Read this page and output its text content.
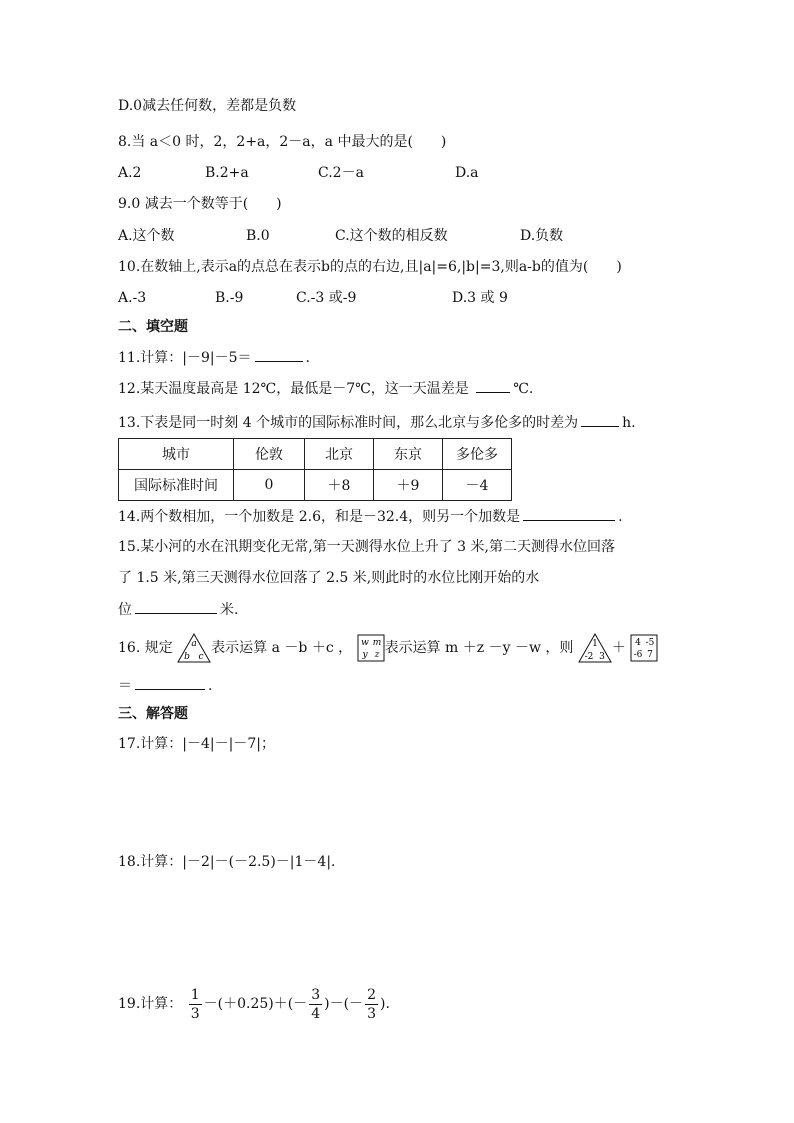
D.0减去任何数，差都是负数
8.当 a＜0 时，2，2+a，2－a，a 中最大的是(　　)
A.2	B.2+a	C.2－a	D.a
9.0 减去一个数等于(　　)
A.这个数	B.0	C.这个数的相反数	D.负数
10.在数轴上,表示a的点总在表示b的点的右边,且|a|=6,|b|=3,则a-b的值为(　　)
A.-3	B.-9	C.-3 或-9	D.3 或 9
二、填空题
11.计算：|－9|－5＝	.
12.某天温度最高是 12℃，最低是－7℃，这一天温差是	℃.
13.下表是同一时刻 4 个城市的国际标准时间，那么北京与多伦多的时差为	h.
城市	伦敦	北京	东京	多伦多
国际标准时间	0	＋8	＋9	－4
14.两个数相加，一个加数是 2.6，和是－32.4，则另一个加数是	.
15.某小河的水在汛期变化无常,第一天测得水位上升了 3 米,第二天测得水位回落
了 1.5 米,第三天测得水位回落了 2.5 米,则此时的水位比刚开始的水
位	米.
16. 规定 a
b c
表示运算 a －b ＋c ， w m
y z 表示运算 m ＋z －y －w ，则 1
-2 3
＋ 4 -5
-6 7
＝	.
三、解答题
17.计算：|－4|－|－7|；
18.计算：|－2|－(－2.5)－|1－4|.
19.计算： $\frac{1}{3} -(+0.25)+(- \frac{3}{4}$ )－(－ $\frac{2}{3}$ ).
